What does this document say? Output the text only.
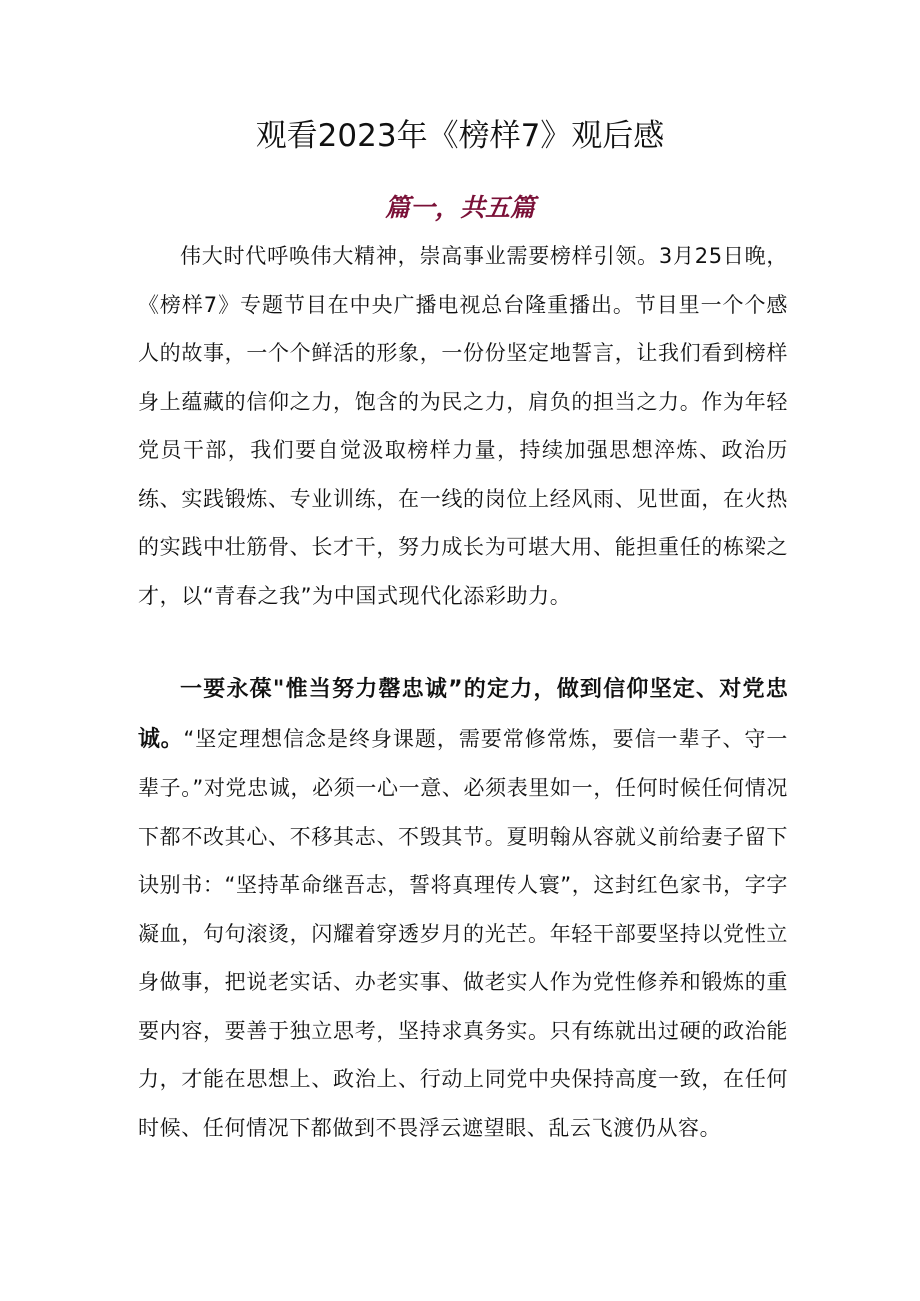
观看2023年《榜样7》观后感
篇一，共五篇

伟大时代呼唤伟大精神，崇高事业需要榜样引领。3月25日晚，《榜样7》专题节目在中央广播电视总台隆重播出。节目里一个个感人的故事，一个个鲜活的形象，一份份坚定地誓言，让我们看到榜样身上蕴藏的信仰之力，饱含的为民之力，肩负的担当之力。作为年轻党员干部，我们要自觉汲取榜样力量，持续加强思想淬炼、政治历练、实践锻炼、专业训练，在一线的岗位上经风雨、见世面，在火热的实践中壮筋骨、长才干，努力成长为可堪大用、能担重任的栋梁之才，以“青春之我”为中国式现代化添彩助力。

一要永葆"惟当努力罄忠诚”的定力，做到信仰坚定、对党忠诚。“坚定理想信念是终身课题，需要常修常炼，要信一辈子、守一辈子。”对党忠诚，必须一心一意、必须表里如一，任何时候任何情况下都不改其心、不移其志、不毁其节。夏明翰从容就义前给妻子留下诀别书：“坚持革命继吾志，誓将真理传人寰”，这封红色家书，字字凝血，句句滚烫，闪耀着穿透岁月的光芒。年轻干部要坚持以党性立身做事，把说老实话、办老实事、做老实人作为党性修养和锻炼的重要内容，要善于独立思考，坚持求真务实。只有练就出过硬的政治能力，才能在思想上、政治上、行动上同党中央保持高度一致，在任何时候、任何情况下都做到不畏浮云遮望眼、乱云飞渡仍从容。
